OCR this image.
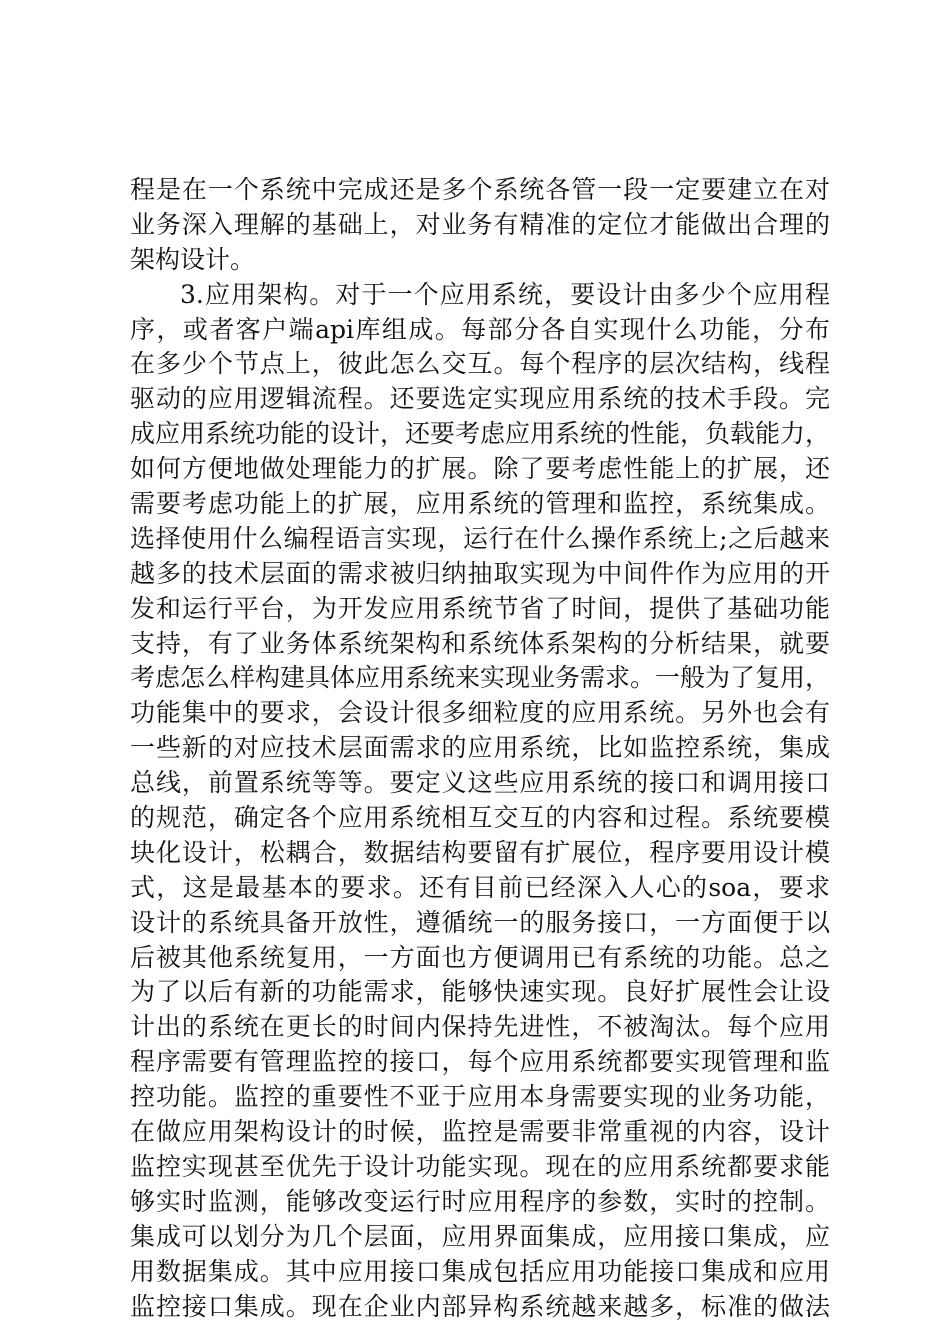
程是在一个系统中完成还是多个系统各管一段一定要建立在对
业务深入理解的基础上，对业务有精准的定位才能做出合理的
架构设计。
3.应用架构。对于一个应用系统，要设计由多少个应用程
序，或者客户端api库组成。每部分各自实现什么功能，分布
在多少个节点上，彼此怎么交互。每个程序的层次结构，线程
驱动的应用逻辑流程。还要选定实现应用系统的技术手段。完
成应用系统功能的设计，还要考虑应用系统的性能，负载能力，
如何方便地做处理能力的扩展。除了要考虑性能上的扩展，还
需要考虑功能上的扩展，应用系统的管理和监控，系统集成。
选择使用什么编程语言实现，运行在什么操作系统上;之后越来
越多的技术层面的需求被归纳抽取实现为中间件作为应用的开
发和运行平台，为开发应用系统节省了时间，提供了基础功能
支持，有了业务体系统架构和系统体系架构的分析结果，就要
考虑怎么样构建具体应用系统来实现业务需求。一般为了复用，
功能集中的要求，会设计很多细粒度的应用系统。另外也会有
一些新的对应技术层面需求的应用系统，比如监控系统，集成
总线，前置系统等等。要定义这些应用系统的接口和调用接口
的规范，确定各个应用系统相互交互的内容和过程。系统要模
块化设计，松耦合，数据结构要留有扩展位，程序要用设计模
式，这是最基本的要求。还有目前已经深入人心的soa，要求
设计的系统具备开放性，遵循统一的服务接口，一方面便于以
后被其他系统复用，一方面也方便调用已有系统的功能。总之
为了以后有新的功能需求，能够快速实现。良好扩展性会让设
计出的系统在更长的时间内保持先进性，不被淘汰。每个应用
程序需要有管理监控的接口，每个应用系统都要实现管理和监
控功能。监控的重要性不亚于应用本身需要实现的业务功能，
在做应用架构设计的时候，监控是需要非常重视的内容，设计
监控实现甚至优先于设计功能实现。现在的应用系统都要求能
够实时监测，能够改变运行时应用程序的参数，实时的控制。
集成可以划分为几个层面，应用界面集成，应用接口集成，应
用数据集成。其中应用接口集成包括应用功能接口集成和应用
监控接口集成。现在企业内部异构系统越来越多，标准的做法
